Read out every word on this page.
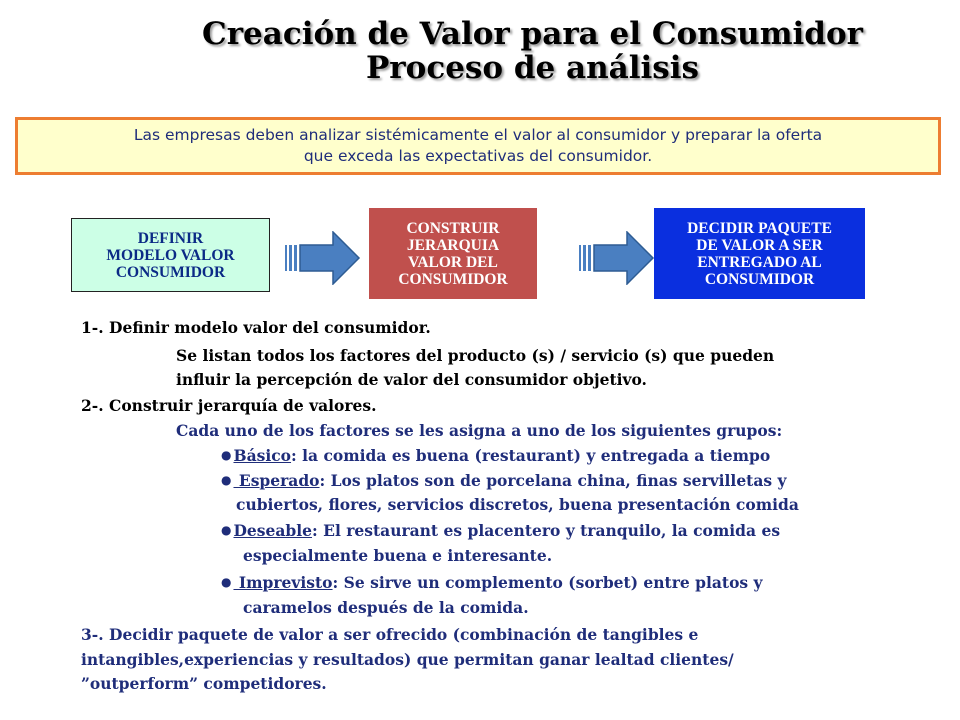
Creación de Valor para el Consumidor
Proceso de análisis
Las empresas deben analizar sistémicamente el valor al consumidor y preparar la oferta
que exceda las expectativas del consumidor.
DEFINIR
MODELO VALOR
CONSUMIDOR
CONSTRUIR
JERARQUIA
VALOR DEL
CONSUMIDOR
DECIDIR PAQUETE
DE VALOR A SER
ENTREGADO AL
CONSUMIDOR

1-. Definir modelo valor del consumidor.

Se listan todos los factores del producto (s) / servicio (s) que pueden

influir la percepción de valor del consumidor objetivo.

2-. Construir jerarquía de valores.

Cada uno de los factores se les asigna a uno de los siguientes grupos:

● Básico: la comida es buena (restaurant) y entregada a tiempo

● Esperado: Los platos son de porcelana china, finas servilletas y

cubiertos, flores, servicios discretos, buena presentación comida

● Deseable: El restaurant es placentero y tranquilo, la comida es

especialmente buena e interesante.

● Imprevisto: Se sirve un complemento (sorbet) entre platos y

caramelos después de la comida.

3-. Decidir paquete de valor a ser ofrecido (combinación de tangibles e

intangibles,experiencias y resultados) que permitan ganar lealtad clientes/

”outperform” competidores.
